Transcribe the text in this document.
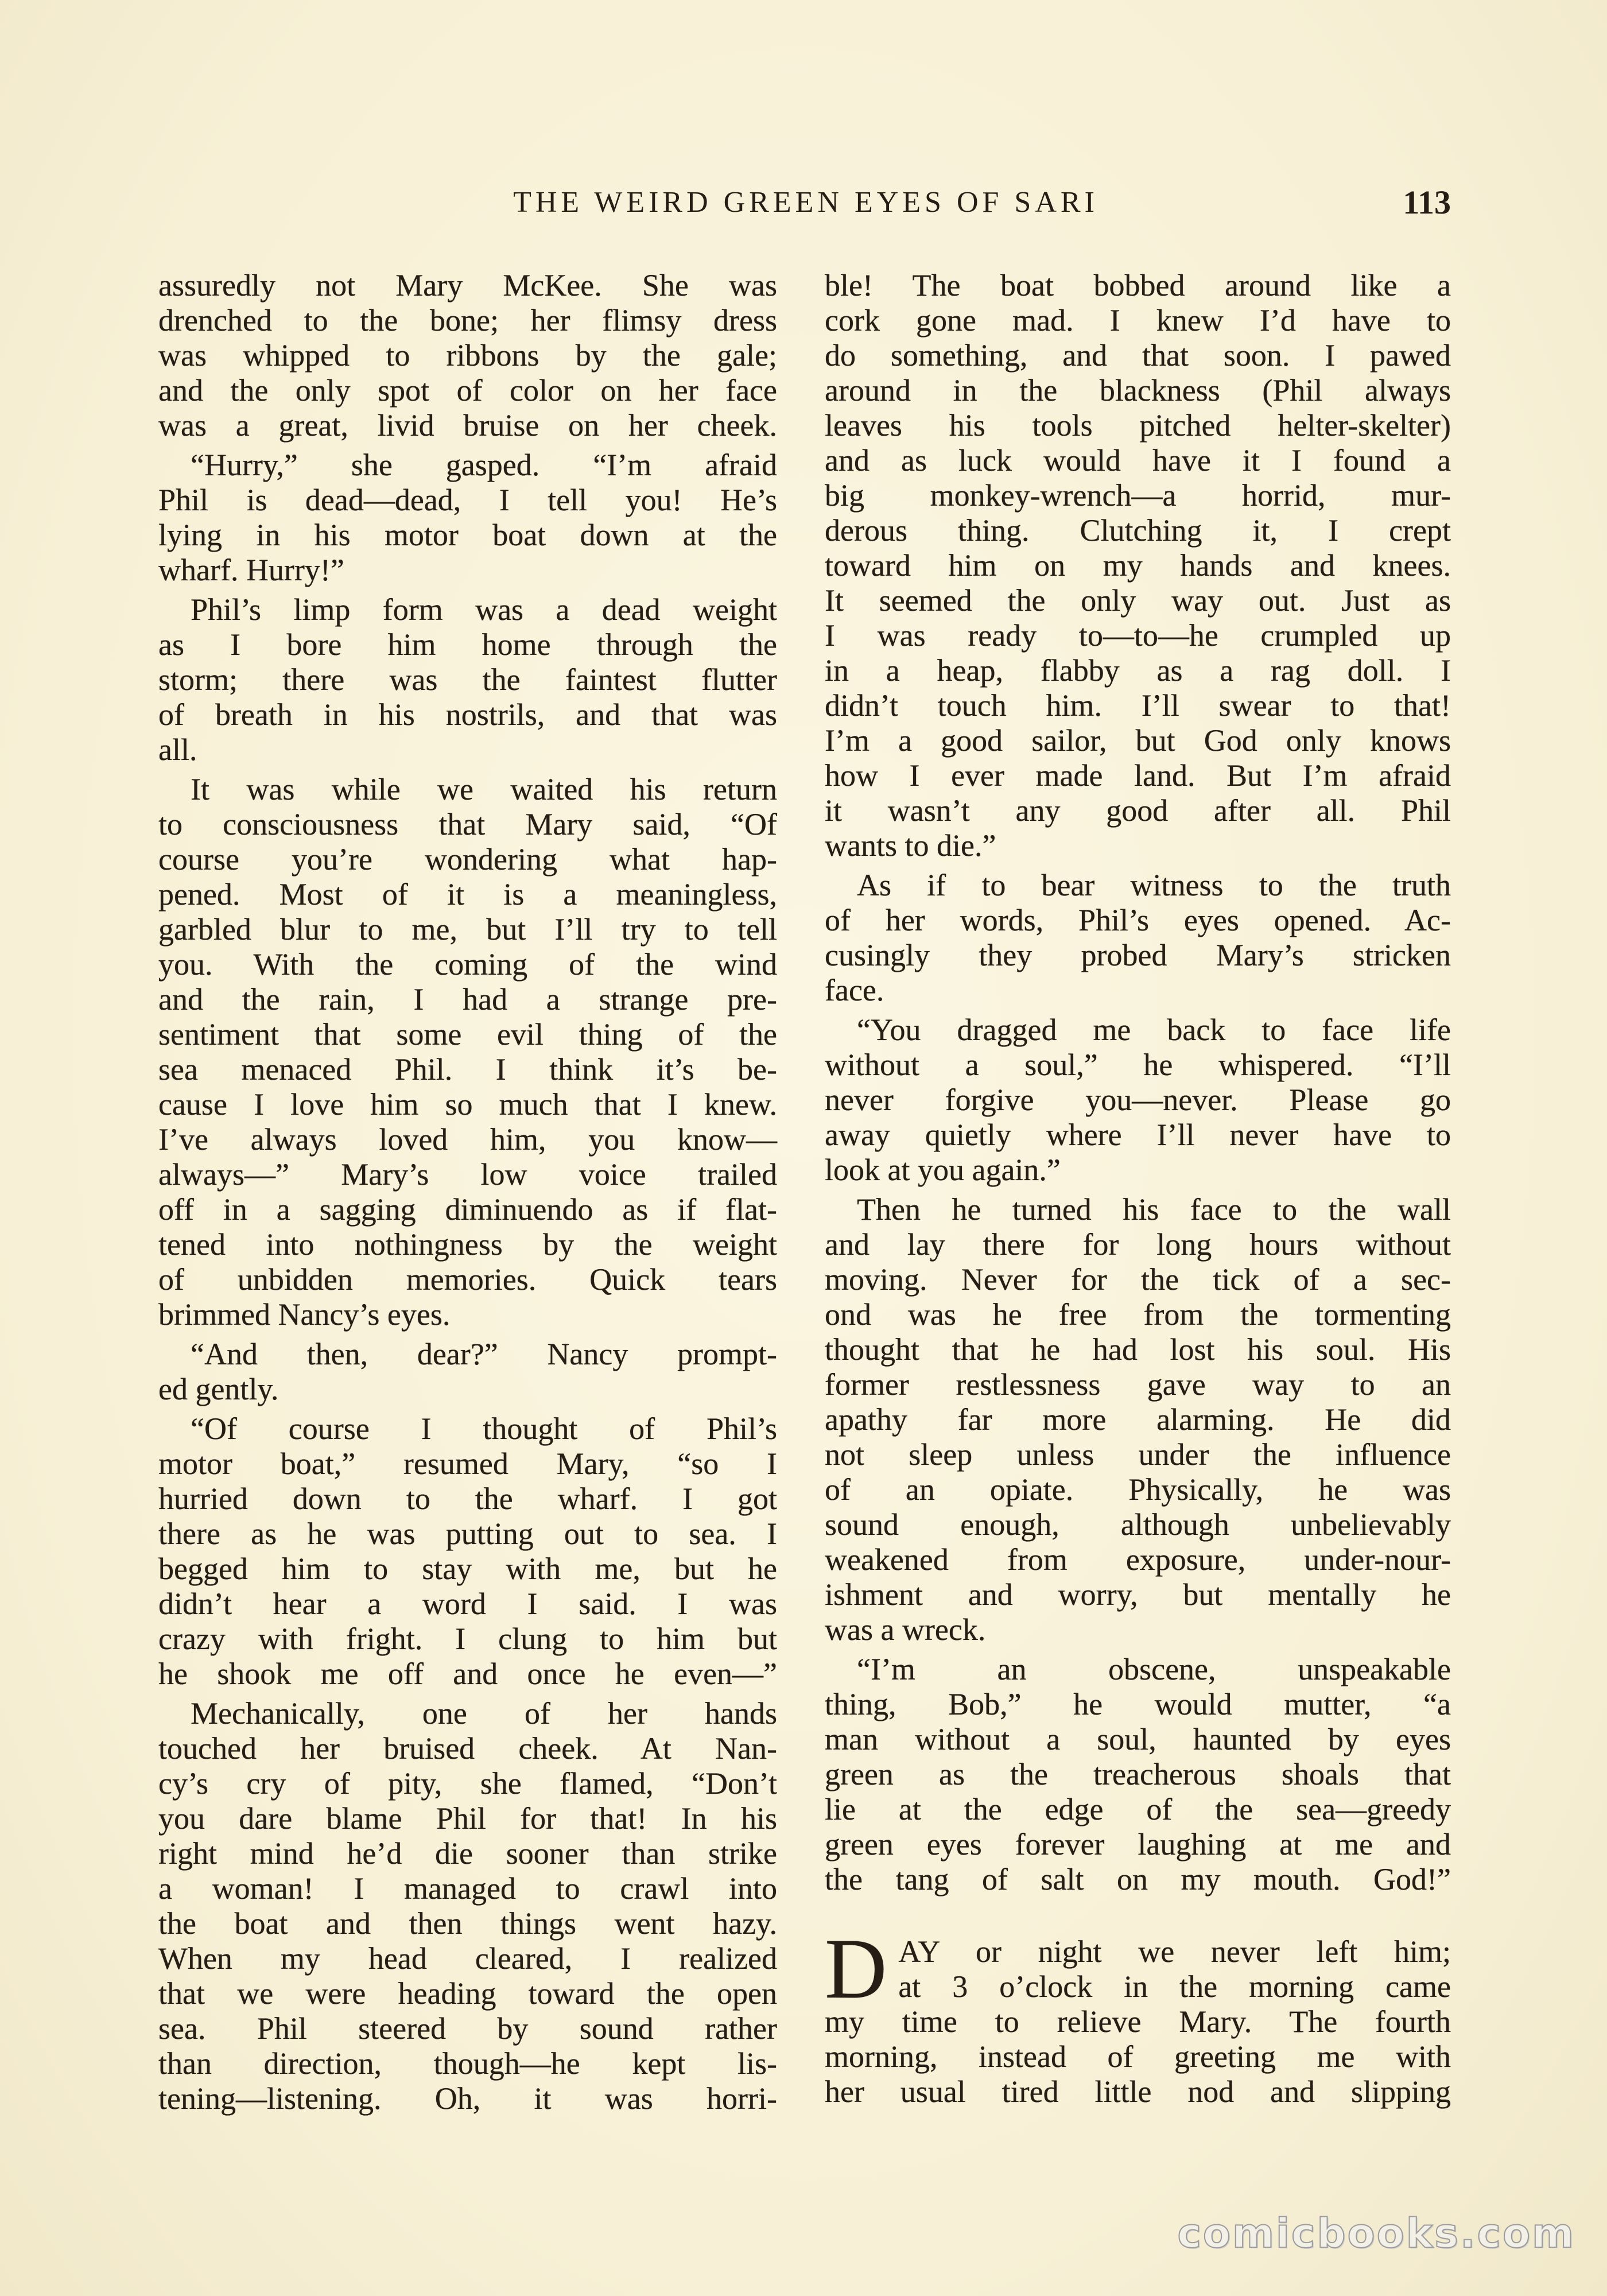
THE WEIRD GREEN EYES OF SARI	113
assuredly not Mary McKee. She was
drenched to the bone; her flimsy dress
was whipped to ribbons by the gale;
and the only spot of color on her face
was a great, livid bruise on her cheek.
“Hurry,” she gasped. “I’m afraid
Phil is dead—dead, I tell you! He’s
lying in his motor boat down at the
wharf. Hurry!”
Phil’s limp form was a dead weight
as I bore him home through the
storm; there was the faintest flutter
of breath in his nostrils, and that was
all.
It was while we waited his return
to consciousness that Mary said, “Of
course you’re wondering what hap-
pened. Most of it is a meaningless,
garbled blur to me, but I’ll try to tell
you. With the coming of the wind
and the rain, I had a strange pre-
sentiment that some evil thing of the
sea menaced Phil. I think it’s be-
cause I love him so much that I knew.
I’ve always loved him, you know—
always—” Mary’s low voice trailed
off in a sagging diminuendo as if flat-
tened into nothingness by the weight
of unbidden memories. Quick tears
brimmed Nancy’s eyes.
“And then, dear?” Nancy prompt-
ed gently.
“Of course I thought of Phil’s
motor boat,” resumed Mary, “so I
hurried down to the wharf. I got
there as he was putting out to sea. I
begged him to stay with me, but he
didn’t hear a word I said. I was
crazy with fright. I clung to him but
he shook me off and once he even—”
Mechanically, one of her hands
touched her bruised cheek. At Nan-
cy’s cry of pity, she flamed, “Don’t
you dare blame Phil for that! In his
right mind he’d die sooner than strike
a woman! I managed to crawl into
the boat and then things went hazy.
When my head cleared, I realized
that we were heading toward the open
sea. Phil steered by sound rather
than direction, though—he kept lis-
tening—listening. Oh, it was horri-
ble! The boat bobbed around like a
cork gone mad. I knew I’d have to
do something, and that soon. I pawed
around in the blackness (Phil always
leaves his tools pitched helter-skelter)
and as luck would have it I found a
big monkey-wrench—a horrid, mur-
derous thing. Clutching it, I crept
toward him on my hands and knees.
It seemed the only way out. Just as
I was ready to—to—he crumpled up
in a heap, flabby as a rag doll. I
didn’t touch him. I’ll swear to that!
I’m a good sailor, but God only knows
how I ever made land. But I’m afraid
it wasn’t any good after all. Phil
wants to die.”
As if to bear witness to the truth
of her words, Phil’s eyes opened. Ac-
cusingly they probed Mary’s stricken
face.
“You dragged me back to face life
without a soul,” he whispered. “I’ll
never forgive you—never. Please go
away quietly where I’ll never have to
look at you again.”
Then he turned his face to the wall
and lay there for long hours without
moving. Never for the tick of a sec-
ond was he free from the tormenting
thought that he had lost his soul. His
former restlessness gave way to an
apathy far more alarming. He did
not sleep unless under the influence
of an opiate. Physically, he was
sound enough, although unbelievably
weakened from exposure, under-nour-
ishment and worry, but mentally he
was a wreck.
“I’m an obscene, unspeakable
thing, Bob,” he would mutter, “a
man without a soul, haunted by eyes
green as the treacherous shoals that
lie at the edge of the sea—greedy
green eyes forever laughing at me and
the tang of salt on my mouth. God!”
D AY or night we never left him;
at 3 o’clock in the morning came
my time to relieve Mary. The fourth
morning, instead of greeting me with
her usual tired little nod and slipping
comicbooks.com
